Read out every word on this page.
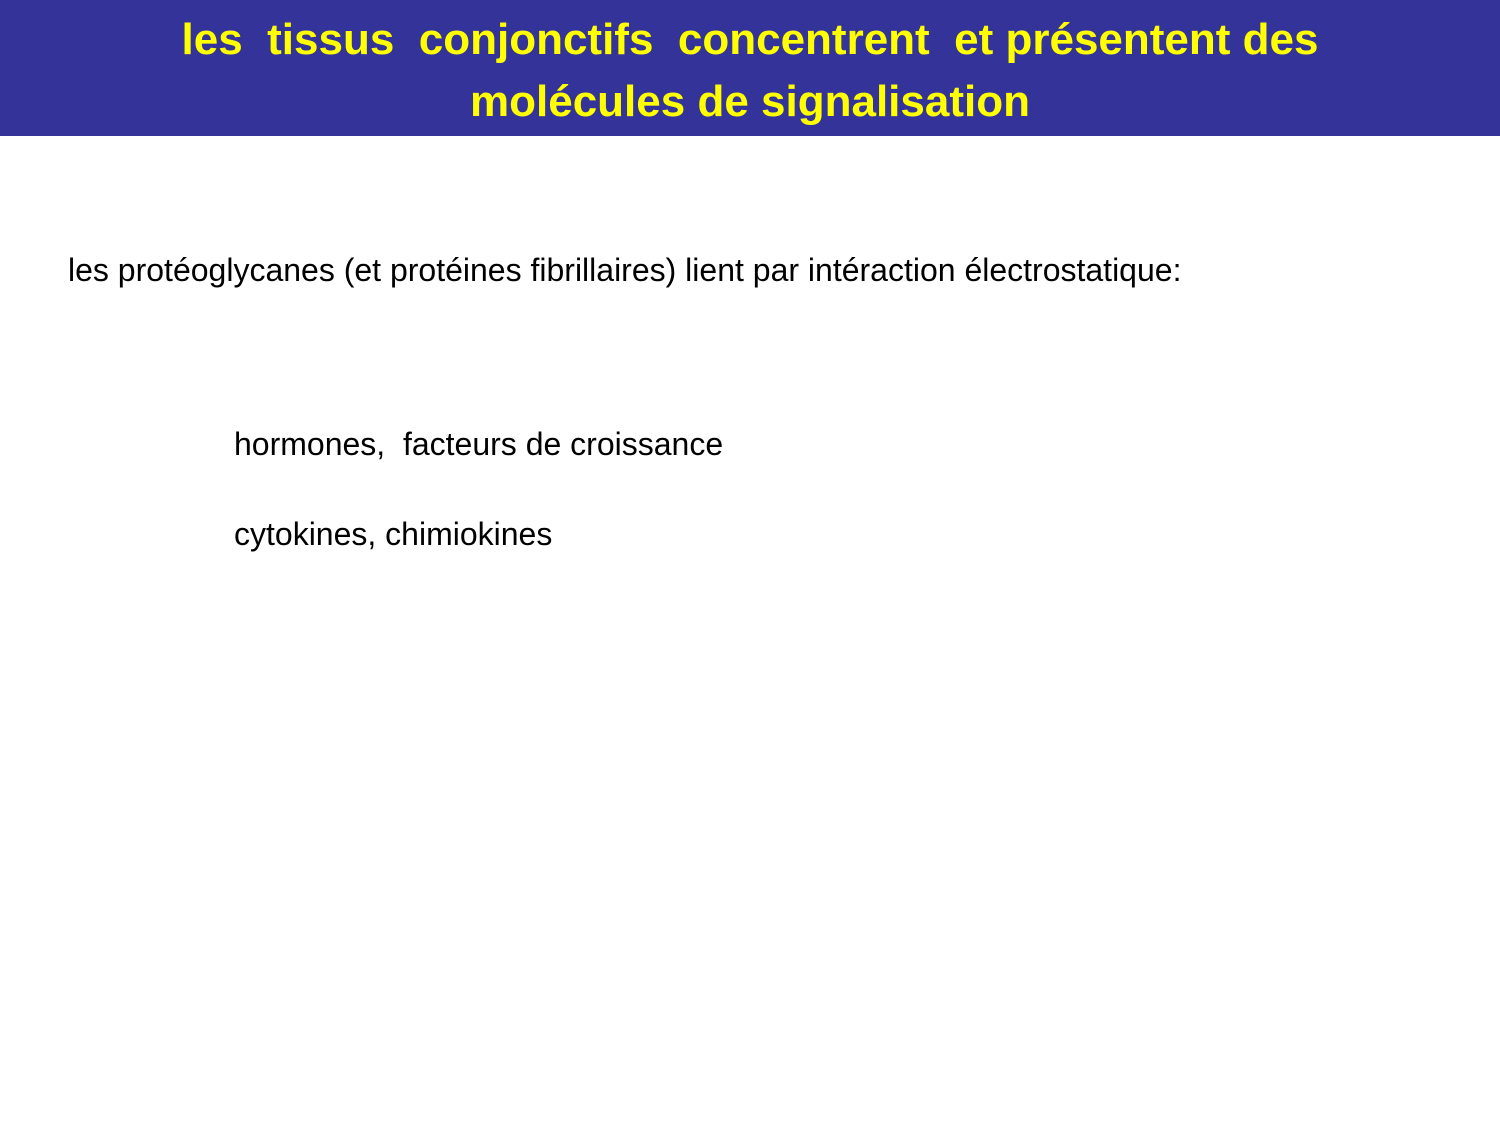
les  tissus  conjonctifs  concentrent  et présentent des
molécules de signalisation
les protéoglycanes (et protéines fibrillaires) lient par intéraction électrostatique:
hormones,  facteurs de croissance
cytokines, chimiokines
